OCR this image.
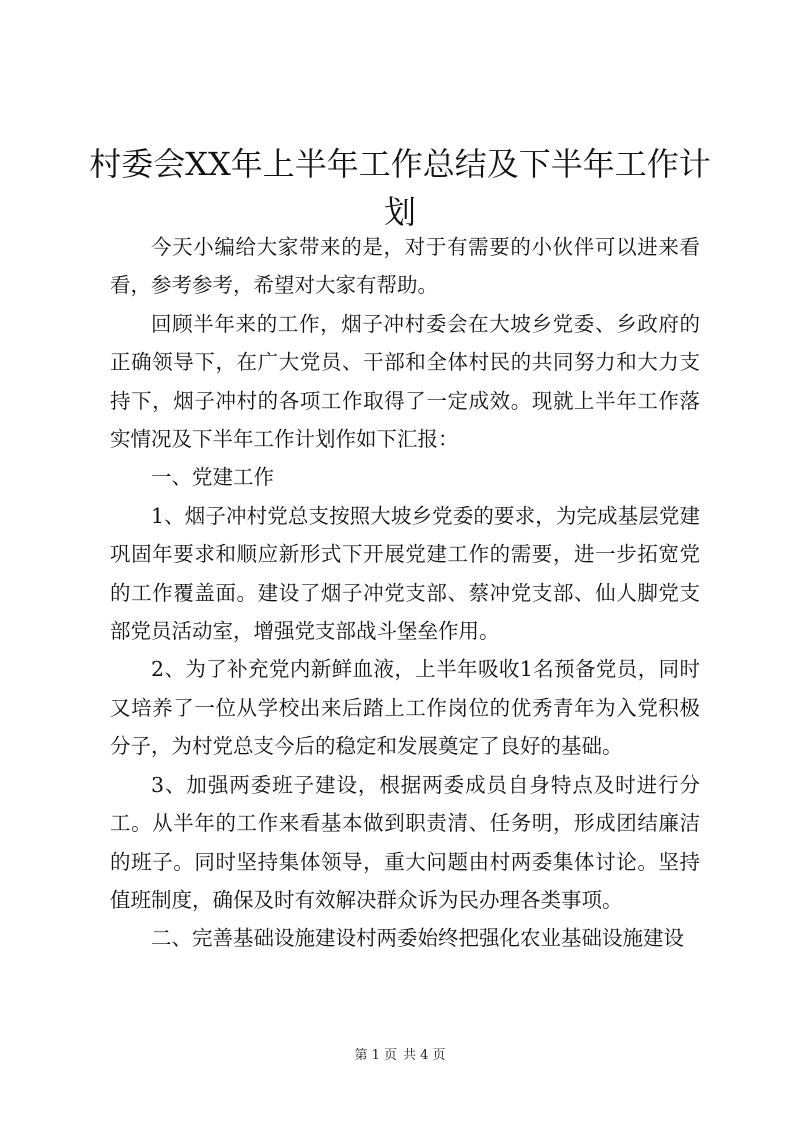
村委会XX年上半年工作总结及下半年工作计
划

今天小编给大家带来的是，对于有需要的小伙伴可以进来看看，参考参考，希望对大家有帮助。

回顾半年来的工作，烟子冲村委会在大坡乡党委、乡政府的正确领导下，在广大党员、干部和全体村民的共同努力和大力支持下，烟子冲村的各项工作取得了一定成效。现就上半年工作落实情况及下半年工作计划作如下汇报：

一、党建工作

1、烟子冲村党总支按照大坡乡党委的要求，为完成基层党建巩固年要求和顺应新形式下开展党建工作的需要，进一步拓宽党的工作覆盖面。建设了烟子冲党支部、蔡冲党支部、仙人脚党支部党员活动室，增强党支部战斗堡垒作用。

2、为了补充党内新鲜血液，上半年吸收1名预备党员，同时又培养了一位从学校出来后踏上工作岗位的优秀青年为入党积极分子，为村党总支今后的稳定和发展奠定了良好的基础。

3、加强两委班子建设，根据两委成员自身特点及时进行分工。从半年的工作来看基本做到职责清、任务明，形成团结廉洁的班子。同时坚持集体领导，重大问题由村两委集体讨论。坚持值班制度，确保及时有效解决群众诉为民办理各类事项。

二、完善基础设施建设村两委始终把强化农业基础设施建设

第 1 页 共 4 页
